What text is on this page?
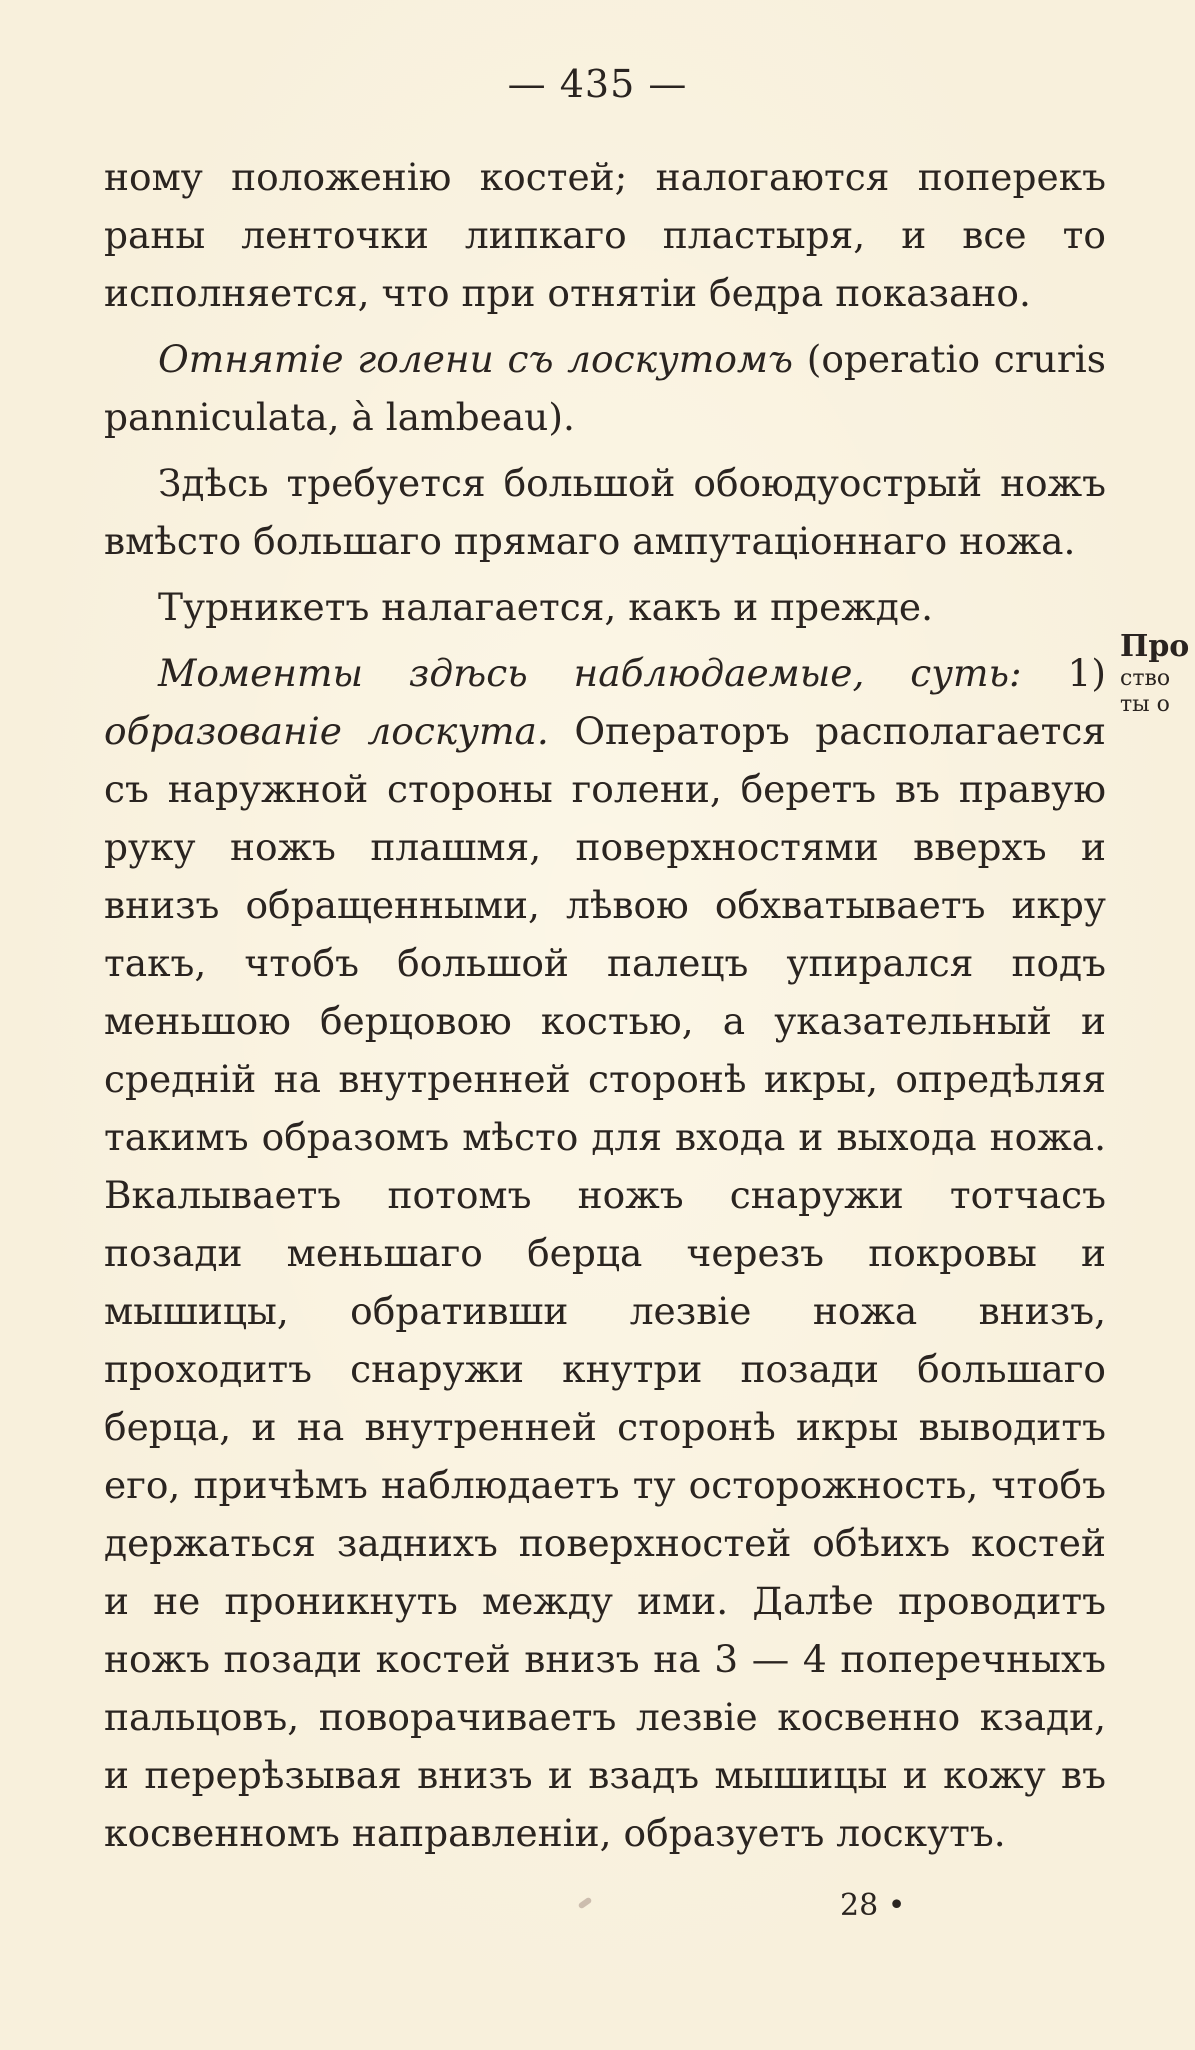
— 435 —

ному положенію костей; налогаются поперекъ раны ленточки липкаго пластыря, и все то исполняется, что при отнятіи бедра показано.

Отнятіе голени съ лоскутомъ (operatio cruris panniculata, à lambeau).

Здѣсь требуется большой обоюдуострый ножъ вмѣсто большаго прямаго ампутаціоннаго ножа.

Турникетъ налагается, какъ и прежде.

Моменты здѣсь наблюдаемые, суть: 1) образованіе лоскута. Операторъ располагается съ наружной стороны голени, беретъ въ правую руку ножъ плашмя, поверхностями вверхъ и внизъ обращенными, лѣвою обхватываетъ икру такъ, чтобъ большой палецъ упирался подъ меньшою берцовою костью, а указательный и средній на внутренней сторонѣ икры, опредѣляя такимъ образомъ мѣсто для входа и выхода ножа. Вкалываетъ потомъ ножъ снаружи тотчасъ позади меньшаго берца черезъ покровы и мышицы, обративши лезвіе ножа внизъ, проходитъ снаружи кнутри позади большаго берца, и на внутренней сторонѣ икры выводитъ его, причѣмъ наблюдаетъ ту осторожность, чтобъ держаться заднихъ поверхностей обѣихъ костей и не проникнуть между ими. Далѣе проводитъ ножъ позади костей внизъ на 3 — 4 поперечныхъ пальцовъ, поворачиваетъ лезвіе косвенно кзади, и перерѣзывая внизъ и взадъ мышицы и кожу въ косвенномъ направленіи, образуетъ лоскутъ.

Про
ство
ты о
28 •
